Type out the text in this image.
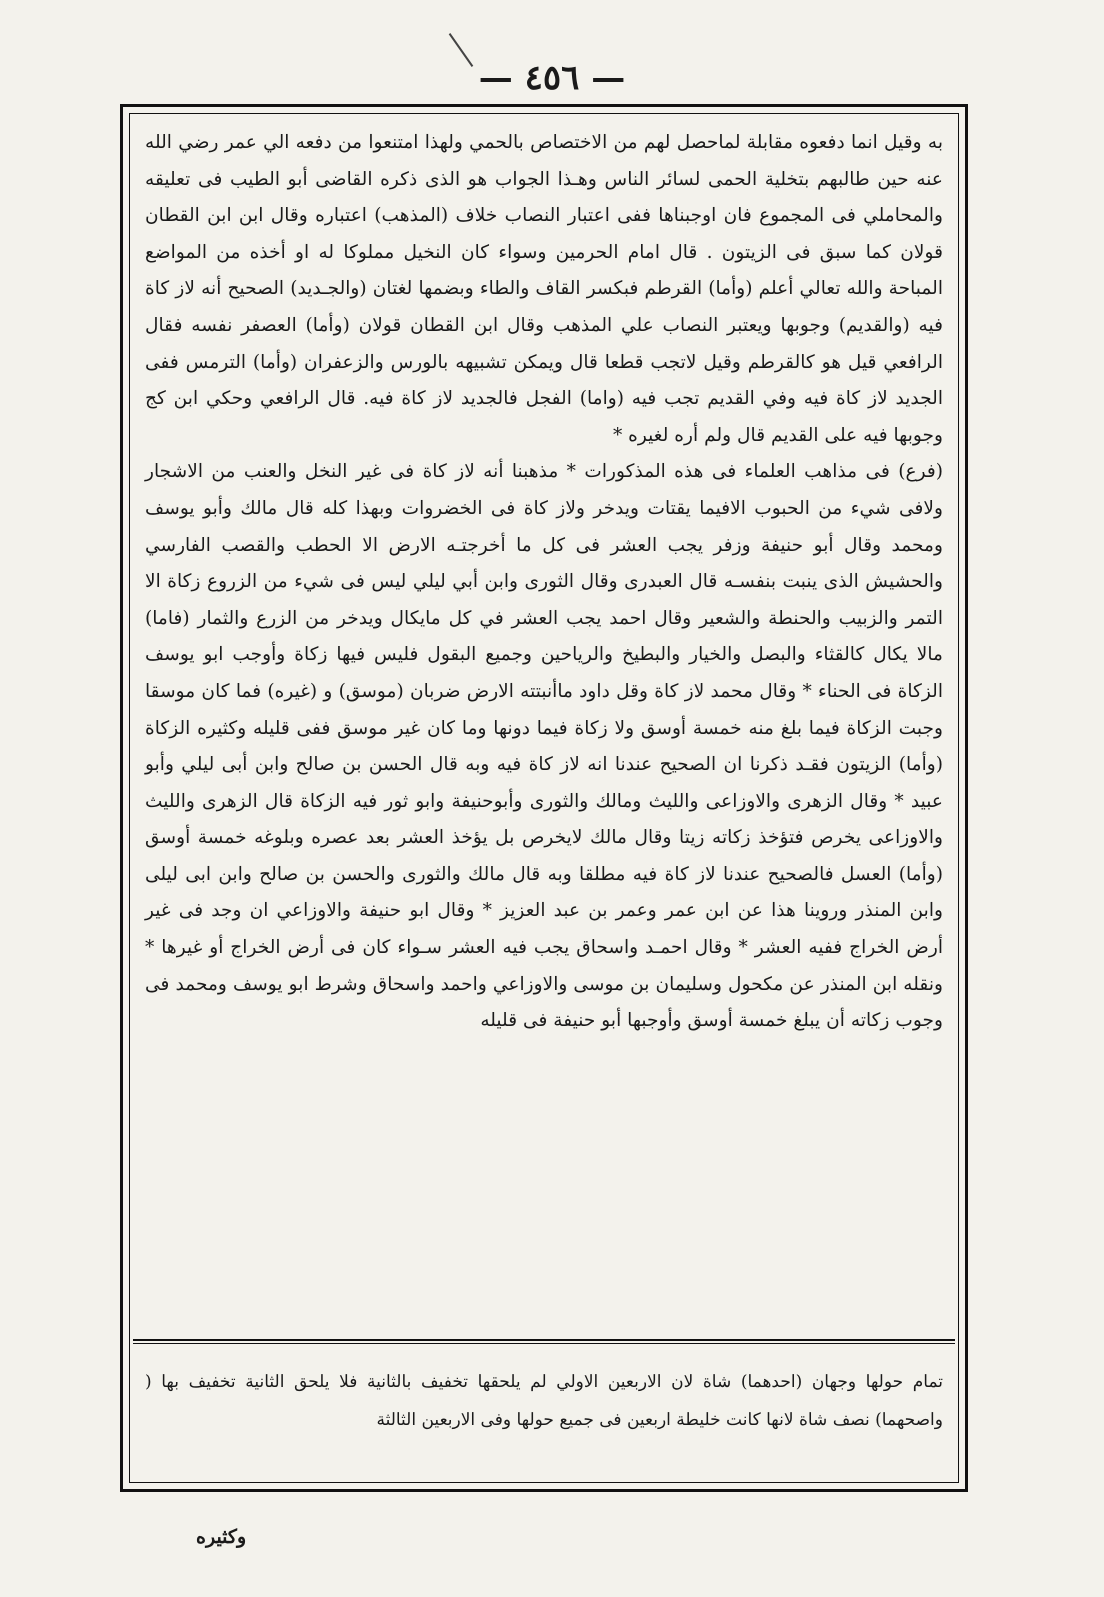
— ٤٥٦ —

به وقيل انما دفعوه مقابلة لماحصل لهم من الاختصاص بالحمي ولهذا امتنعوا من دفعه الي عمر رضي الله عنه حين طالبهم بتخلية الحمى لسائر الناس وهـذا الجواب هو الذى ذكره القاضى أبو الطيب فى تعليقه والمحاملي فى المجموع فان اوجبناها ففى اعتبار النصاب خلاف (المذهب) اعتباره وقال ابن ابن القطان قولان كما سبق فى الزيتون . قال امام الحرمين وسواء كان النخيل مملوكا له او أخذه من المواضع المباحة والله تعالي أعلم (وأما) القرطم فبكسر القاف والطاء وبضمها لغتان (والجـديد) الصحيح أنه لاز كاة فيه (والقديم) وجوبها ويعتبر النصاب علي المذهب وقال ابن القطان قولان (وأما) العصفر نفسه فقال الرافعي قيل هو كالقرطم وقيل لاتجب قطعا قال ويمكن تشبيهه بالورس والزعفران (وأما) الترمس ففى الجديد لاز كاة فيه وفي القديم تجب فيه (واما) الفجل فالجديد لاز كاة فيه. قال الرافعي وحكي ابن كج وجوبها فيه على القديم قال ولم أره لغيره *

(فرع) فى مذاهب العلماء فى هذه المذكورات * مذهبنا أنه لاز كاة فى غير النخل والعنب من الاشجار ولافى شيء من الحبوب الافيما يقتات ويدخر ولاز كاة فى الخضروات وبهذا كله قال مالك وأبو يوسف ومحمد وقال أبو حنيفة وزفر يجب العشر فى كل ما أخرجتـه الارض الا الحطب والقصب الفارسي والحشيش الذى ينبت بنفسـه قال العبدرى وقال الثورى وابن أبي ليلي ليس فى شيء من الزروع زكاة الا التمر والزبيب والحنطة والشعير وقال احمد يجب العشر في كل مايكال ويدخر من الزرع والثمار (فاما) مالا يكال كالقثاء والبصل والخيار والبطيخ والرياحين وجميع البقول فليس فيها زكاة وأوجب ابو يوسف الزكاة فى الحناء * وقال محمد لاز كاة وقل داود ماأنبتته الارض ضربان (موسق) و (غيره) فما كان موسقا وجبت الزكاة فيما بلغ منه خمسة أوسق ولا زكاة فيما دونها وما كان غير موسق ففى قليله وكثيره الزكاة (وأما) الزيتون فقـد ذكرنا ان الصحيح عندنا انه لاز كاة فيه وبه قال الحسن بن صالح وابن أبى ليلي وأبو عبيد * وقال الزهرى والاوزاعى والليث ومالك والثورى وأبوحنيفة وابو ثور فيه الزكاة قال الزهرى والليث والاوزاعى يخرص فتؤخذ زكاته زيتا وقال مالك لايخرص بل يؤخذ العشر بعد عصره وبلوغه خمسة أوسق (وأما) العسل فالصحيح عندنا لاز كاة فيه مطلقا وبه قال مالك والثورى والحسن بن صالح وابن ابى ليلى وابن المنذر وروينا هذا عن ابن عمر وعمر بن عبد العزيز * وقال ابو حنيفة والاوزاعي ان وجد فى غير أرض الخراج ففيه العشر * وقال احمـد واسحاق يجب فيه العشر سـواء كان فى أرض الخراج أو غيرها * ونقله ابن المنذر عن مكحول وسليمان بن موسى والاوزاعي واحمد واسحاق وشرط ابو يوسف ومحمد فى وجوب زكاته أن يبلغ خمسة أوسق وأوجبها أبو حنيفة فى قليله

تمام حولها وجهان (احدهما) شاة لان الاربعين الاولي لم يلحقها تخفيف بالثانية فلا يلحق الثانية تخفيف بها ( واصحهما) نصف شاة لانها كانت خليطة اربعين فى جميع حولها وفى الاربعين الثالثة
وكثيره
